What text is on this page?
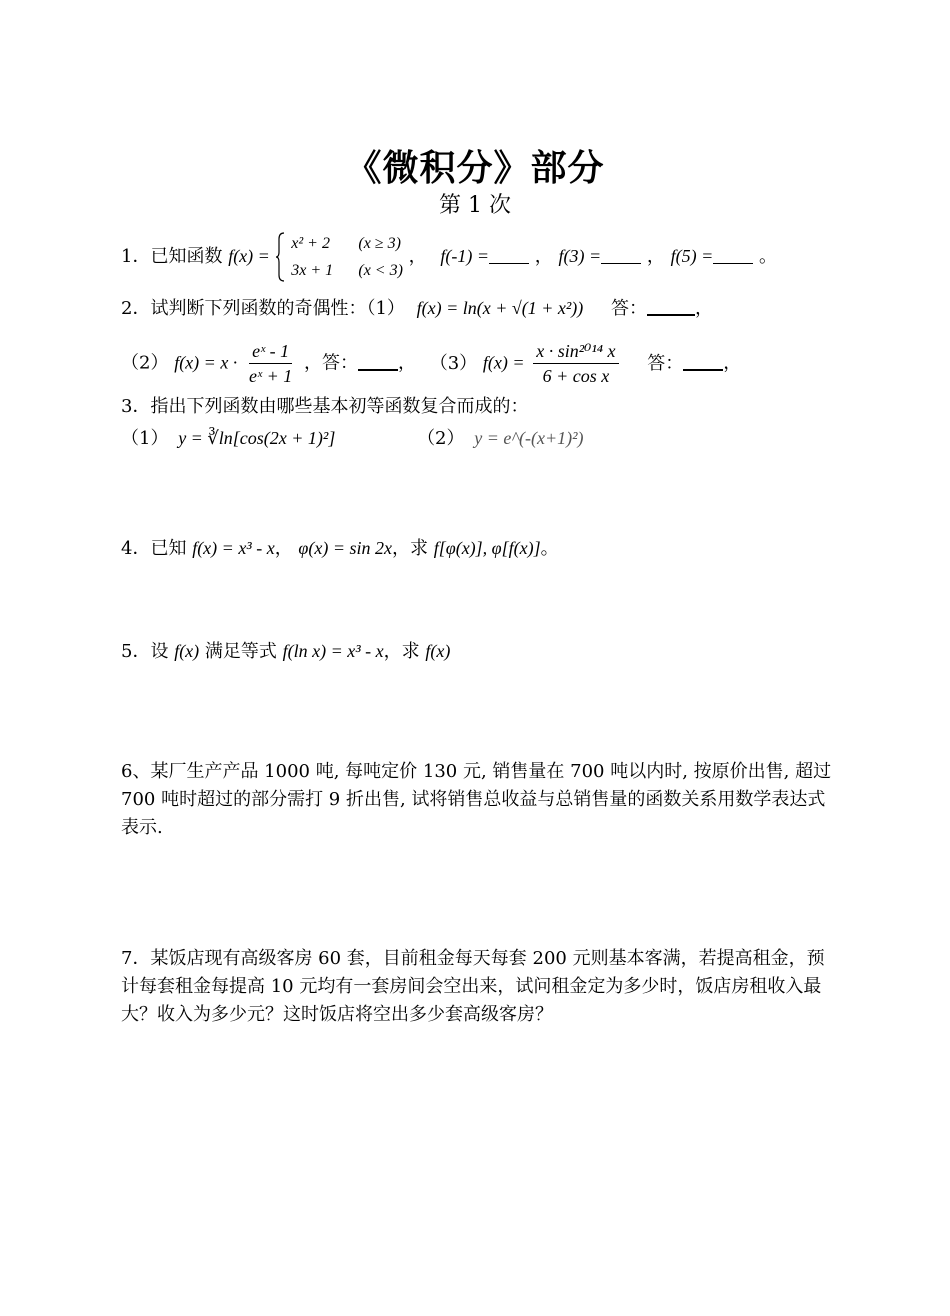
《微积分》部分
第 1 次
1．已知函数 f(x) =
x² + 2 (x ≥ 3)
3x + 1 (x < 3)
， f(-1) =	， f(3) =	， f(5) =	。
2．试判断下列函数的奇偶性：（1） f(x) = ln(x + √(1 + x²)) 答：	，
（2） $f(x) = x \cdot \frac{\text{eˣ - 1}}{\text{eˣ + 1}}$ ，答： ， （3） $f(x) = \frac{\text{x · sin²⁰¹⁴ x}}{\text{6 + cos x}}$ 答： ，
3．指出下列函数由哪些基本初等函数复合而成的：
（1） y = ∛ln[cos(2x + 1)²]	（2） y = e^(-(x+1)²)
4．已知 f(x) = x³ - x， φ(x) = sin 2x，求 f[φ(x)], φ[f(x)]。
5．设 f(x) 满足等式 f(ln x) = x³ - x，求 f(x)
6、某厂生产产品 1000 吨, 每吨定价 130 元, 销售量在 700 吨以内时, 按原价出售, 超过 700 吨时超过的部分需打 9 折出售, 试将销售总收益与总销售量的函数关系用数学表达式表示.
7．某饭店现有高级客房 60 套，目前租金每天每套 200 元则基本客满，若提高租金，预计每套租金每提高 10 元均有一套房间会空出来，试问租金定为多少时，饭店房租收入最大？收入为多少元？这时饭店将空出多少套高级客房？
